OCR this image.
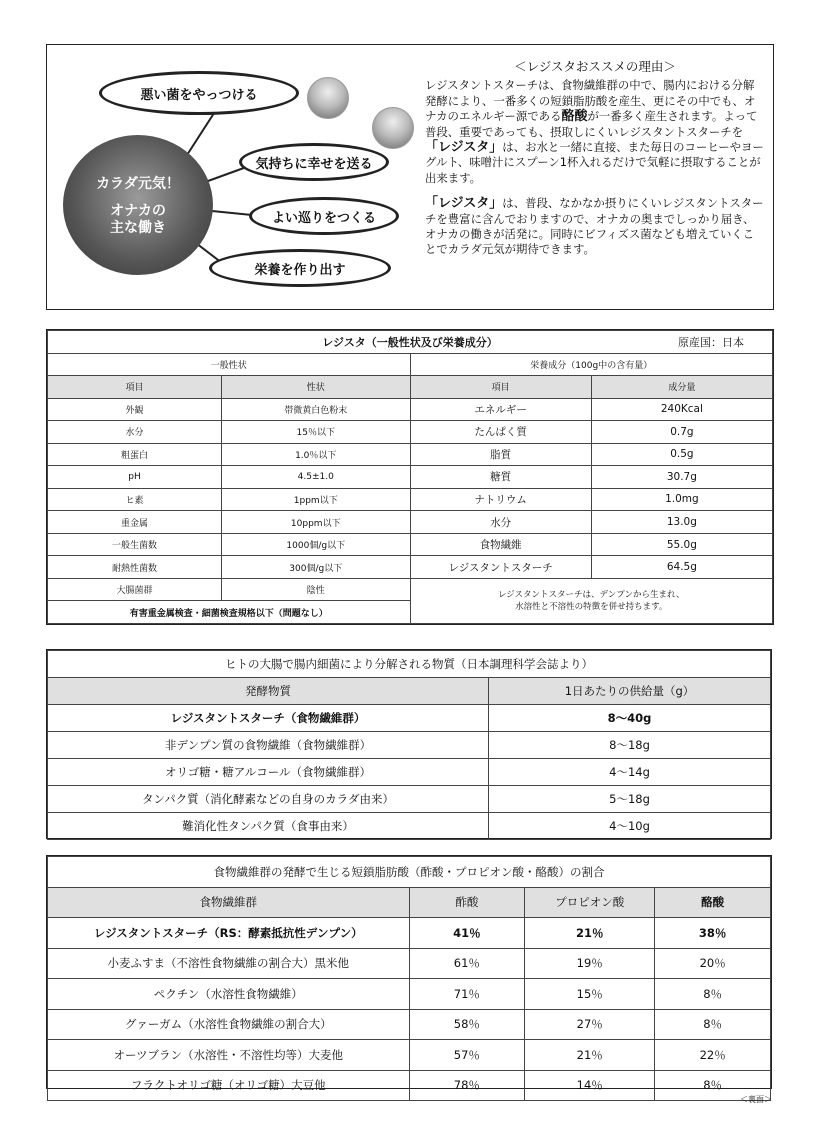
悪い菌をやっつける
気持ちに幸せを送る
よい巡りをつくる
栄養を作り出す
カラダ元気！
オナカの
主な働き
＜レジスタおススメの理由＞

レジスタントスターチは、食物繊維群の中で、腸内における分解発酵により、一番多くの短鎖脂肪酸を産生、更にその中でも、オナカのエネルギー源である酪酸が一番多く産生されます。よって普段、重要であっても、摂取しにくいレジスタントスターチを「レジスタ」は、お水と一緒に直接、また毎日のコーヒーやヨーグルト、味噌汁にスプーン1杯入れるだけで気軽に摂取することが出来ます。

「レジスタ」は、普段、なかなか摂りにくいレジスタントスターチを豊富に含んでおりますので、オナカの奥までしっかり届き、オナカの働きが活発に。同時にビフィズス菌なども増えていくことでカラダ元気が期待できます。

レジスタ（一般性状及び栄養成分） 原産国：日本			

一般性状		栄養成分（100g中の含有量）	
項目	性状	項目	成分量
外観	帯微黄白色粉末	エネルギー	240Kcal
水分	15％以下	たんぱく質	0.7g
粗蛋白	1.0％以下	脂質	0.5g
pH	4.5±1.0	糖質	30.7g
ヒ素	1ppm以下	ナトリウム	1.0mg
重金属	10ppm以下	水分	13.0g
一般生菌数	1000個/g以下	食物繊維	55.0g
耐熱性菌数	300個/g以下	レジスタントスターチ	64.5g
大腸菌群	陰性	レジスタントスターチは、デンプンから生まれ、
水溶性と不溶性の特徴を併せ持ちます。	
有害重金属検査・細菌検査規格以下（問題なし）			
ヒトの大腸で腸内細菌により分解される物質（日本調理科学会誌より）	
発酵物質	1日あたりの供給量（g）
レジスタントスターチ（食物繊維群）	8〜40g
非デンプン質の食物繊維（食物繊維群）	8〜18g
オリゴ糖・糖アルコール（食物繊維群）	4〜14g
タンパク質（消化酵素などの自身のカラダ由来）	5〜18g
難消化性タンパク質（食事由来）	4〜10g
食物繊維群の発酵で生じる短鎖脂肪酸（酢酸・プロピオン酸・酪酸）の割合			
食物繊維群	酢酸	プロピオン酸	酪酸
レジスタントスターチ（RS：酵素抵抗性デンプン）	41％	21％	38％
小麦ふすま（不溶性食物繊維の割合大）黒米他	61％	19％	20％
ペクチン（水溶性食物繊維）	71％	15％	8％
グァーガム（水溶性食物繊維の割合大）	58％	27％	8％
オーツブラン（水溶性・不溶性均等）大麦他	57％	21％	22％
フラクトオリゴ糖（オリゴ糖）大豆他	78％	14％	8％
＜裏面＞
